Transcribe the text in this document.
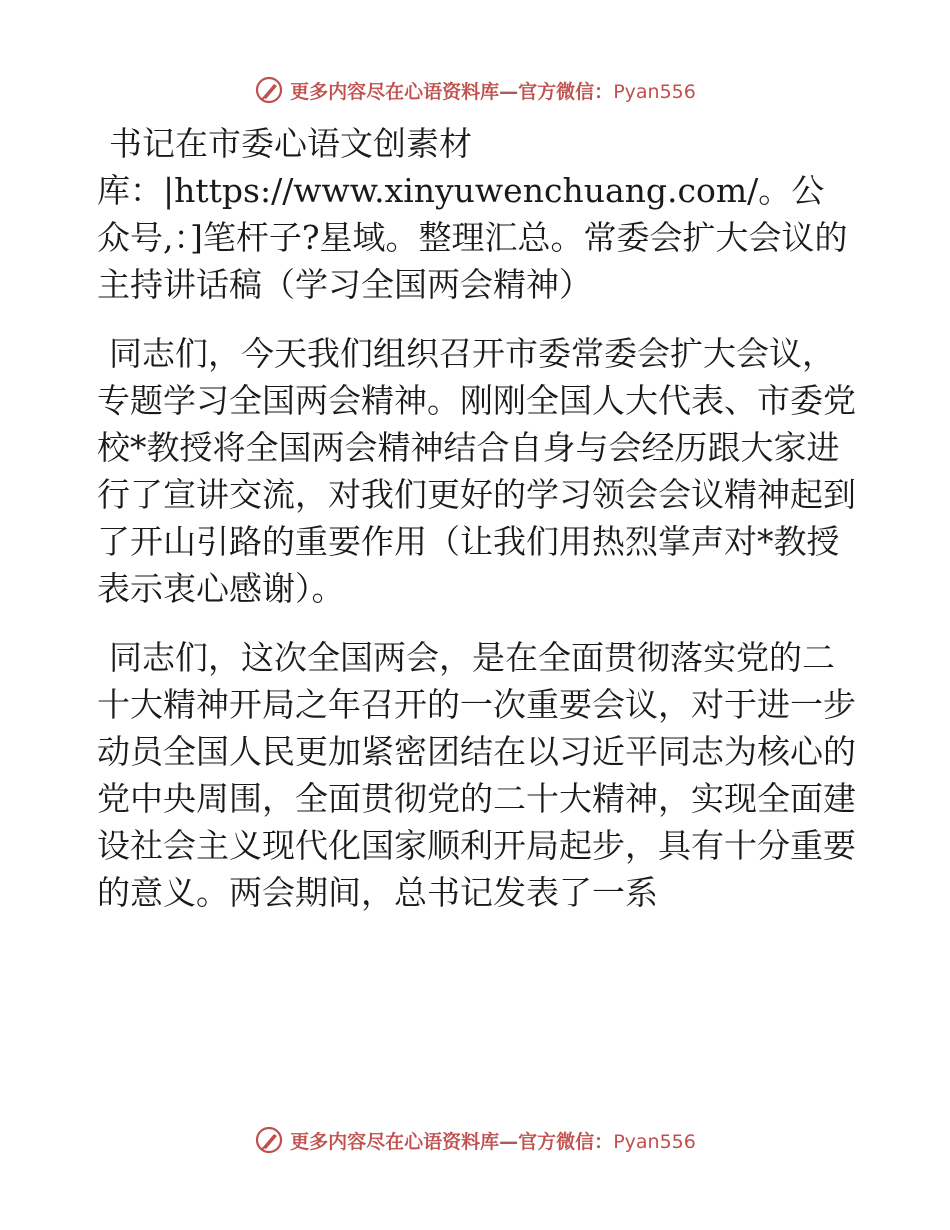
更多内容尽在心语资料库—官方微信：Pyan556

书记在市委心语文创素材库：|https://www.xinyuwenchuang.com/。公众号,：]笔杆子?星域。整理汇总。常委会扩大会议的主持讲话稿（学习全国两会精神）

同志们，今天我们组织召开市委常委会扩大会议，专题学习全国两会精神。刚刚全国人大代表、市委党校*教授将全国两会精神结合自身与会经历跟大家进行了宣讲交流，对我们更好的学习领会会议精神起到了开山引路的重要作用（让我们用热烈掌声对*教授表示衷心感谢）。

同志们，这次全国两会，是在全面贯彻落实党的二十大精神开局之年召开的一次重要会议，对于进一步动员全国人民更加紧密团结在以习近平同志为核心的党中央周围，全面贯彻党的二十大精神，实现全面建设社会主义现代化国家顺利开局起步，具有十分重要的意义。两会期间，总书记发表了一系

更多内容尽在心语资料库—官方微信：Pyan556
